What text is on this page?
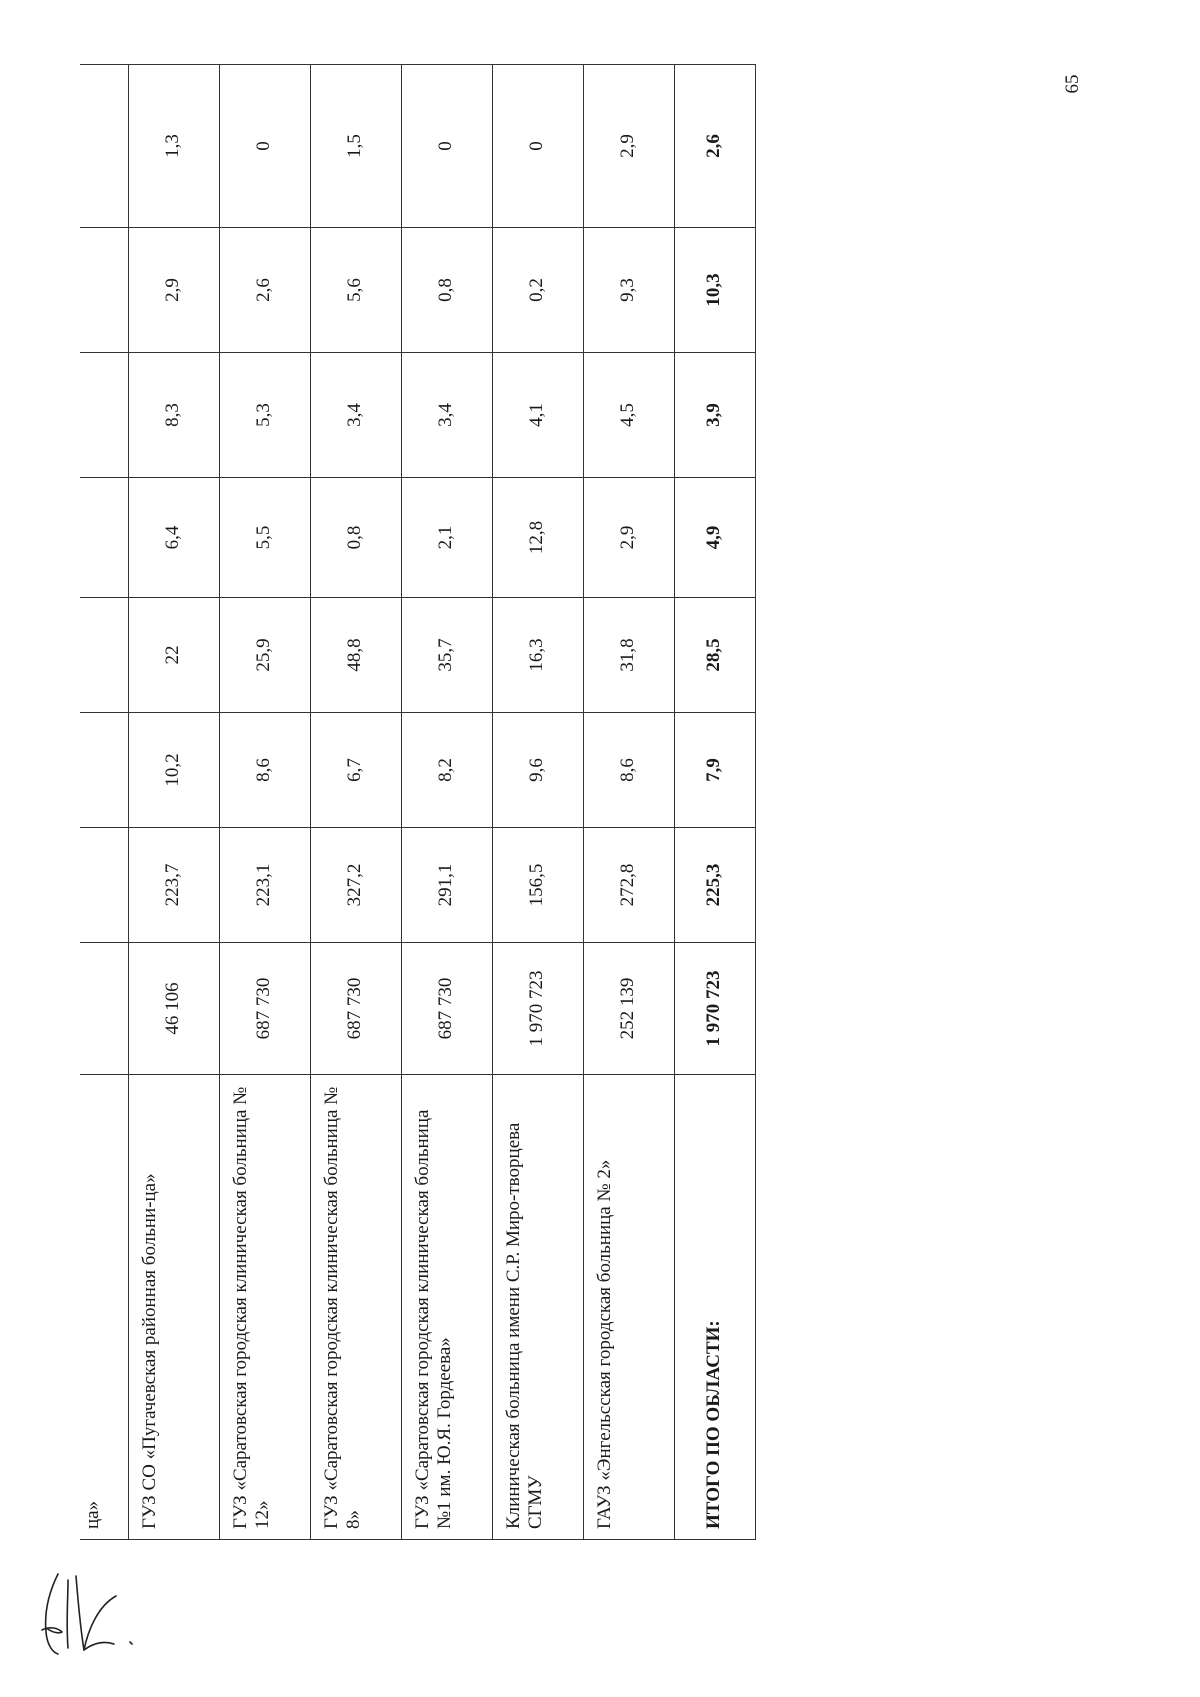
ца»								
ГУЗ СО «Пугачевская районная больни-ца»	46 106	223,7	10,2	22	6,4	8,3	2,9	1,3
ГУЗ «Саратовская городская клиническая больница № 12»	687 730	223,1	8,6	25,9	5,5	5,3	2,6	0
ГУЗ «Саратовская городская клиническая больница № 8»	687 730	327,2	6,7	48,8	0,8	3,4	5,6	1,5
ГУЗ «Саратовская городская клиническая больница №1 им. Ю.Я. Гордеева»	687 730	291,1	8,2	35,7	2,1	3,4	0,8	0
Клиническая больница имени С.Р. Миро-творцева СГМУ	1 970 723	156,5	9,6	16,3	12,8	4,1	0,2	0
ГАУЗ «Энгельсская городская больница № 2»	252 139	272,8	8,6	31,8	2,9	4,5	9,3	2,9
ИТОГО ПО ОБЛАСТИ:	1 970 723	225,3	7,9	28,5	4,9	3,9	10,3	2,6
65
